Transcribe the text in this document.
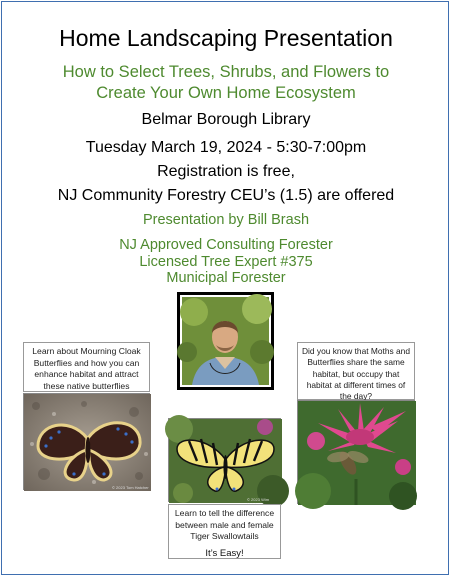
Home Landscaping Presentation
How to Select Trees, Shrubs, and Flowers to Create Your Own Home Ecosystem
Belmar Borough Library
Tuesday March 19, 2024 - 5:30-7:00pm
Registration is free,
NJ Community Forestry CEU’s (1.5) are offered
Presentation by Bill Brash
NJ Approved Consulting Forester
Licensed Tree Expert #375
Municipal Forester
Learn about Mourning Cloak Butterflies and how you can enhance habitat and attract these native butterflies
© 2023 Tom Hatcher
Did you know that Moths and Butterflies share the same habitat, but occupy that habitat at different times of the day?
© 2023 Wim
Learn to tell the difference between male and female Tiger Swallowtails
It’s Easy!
